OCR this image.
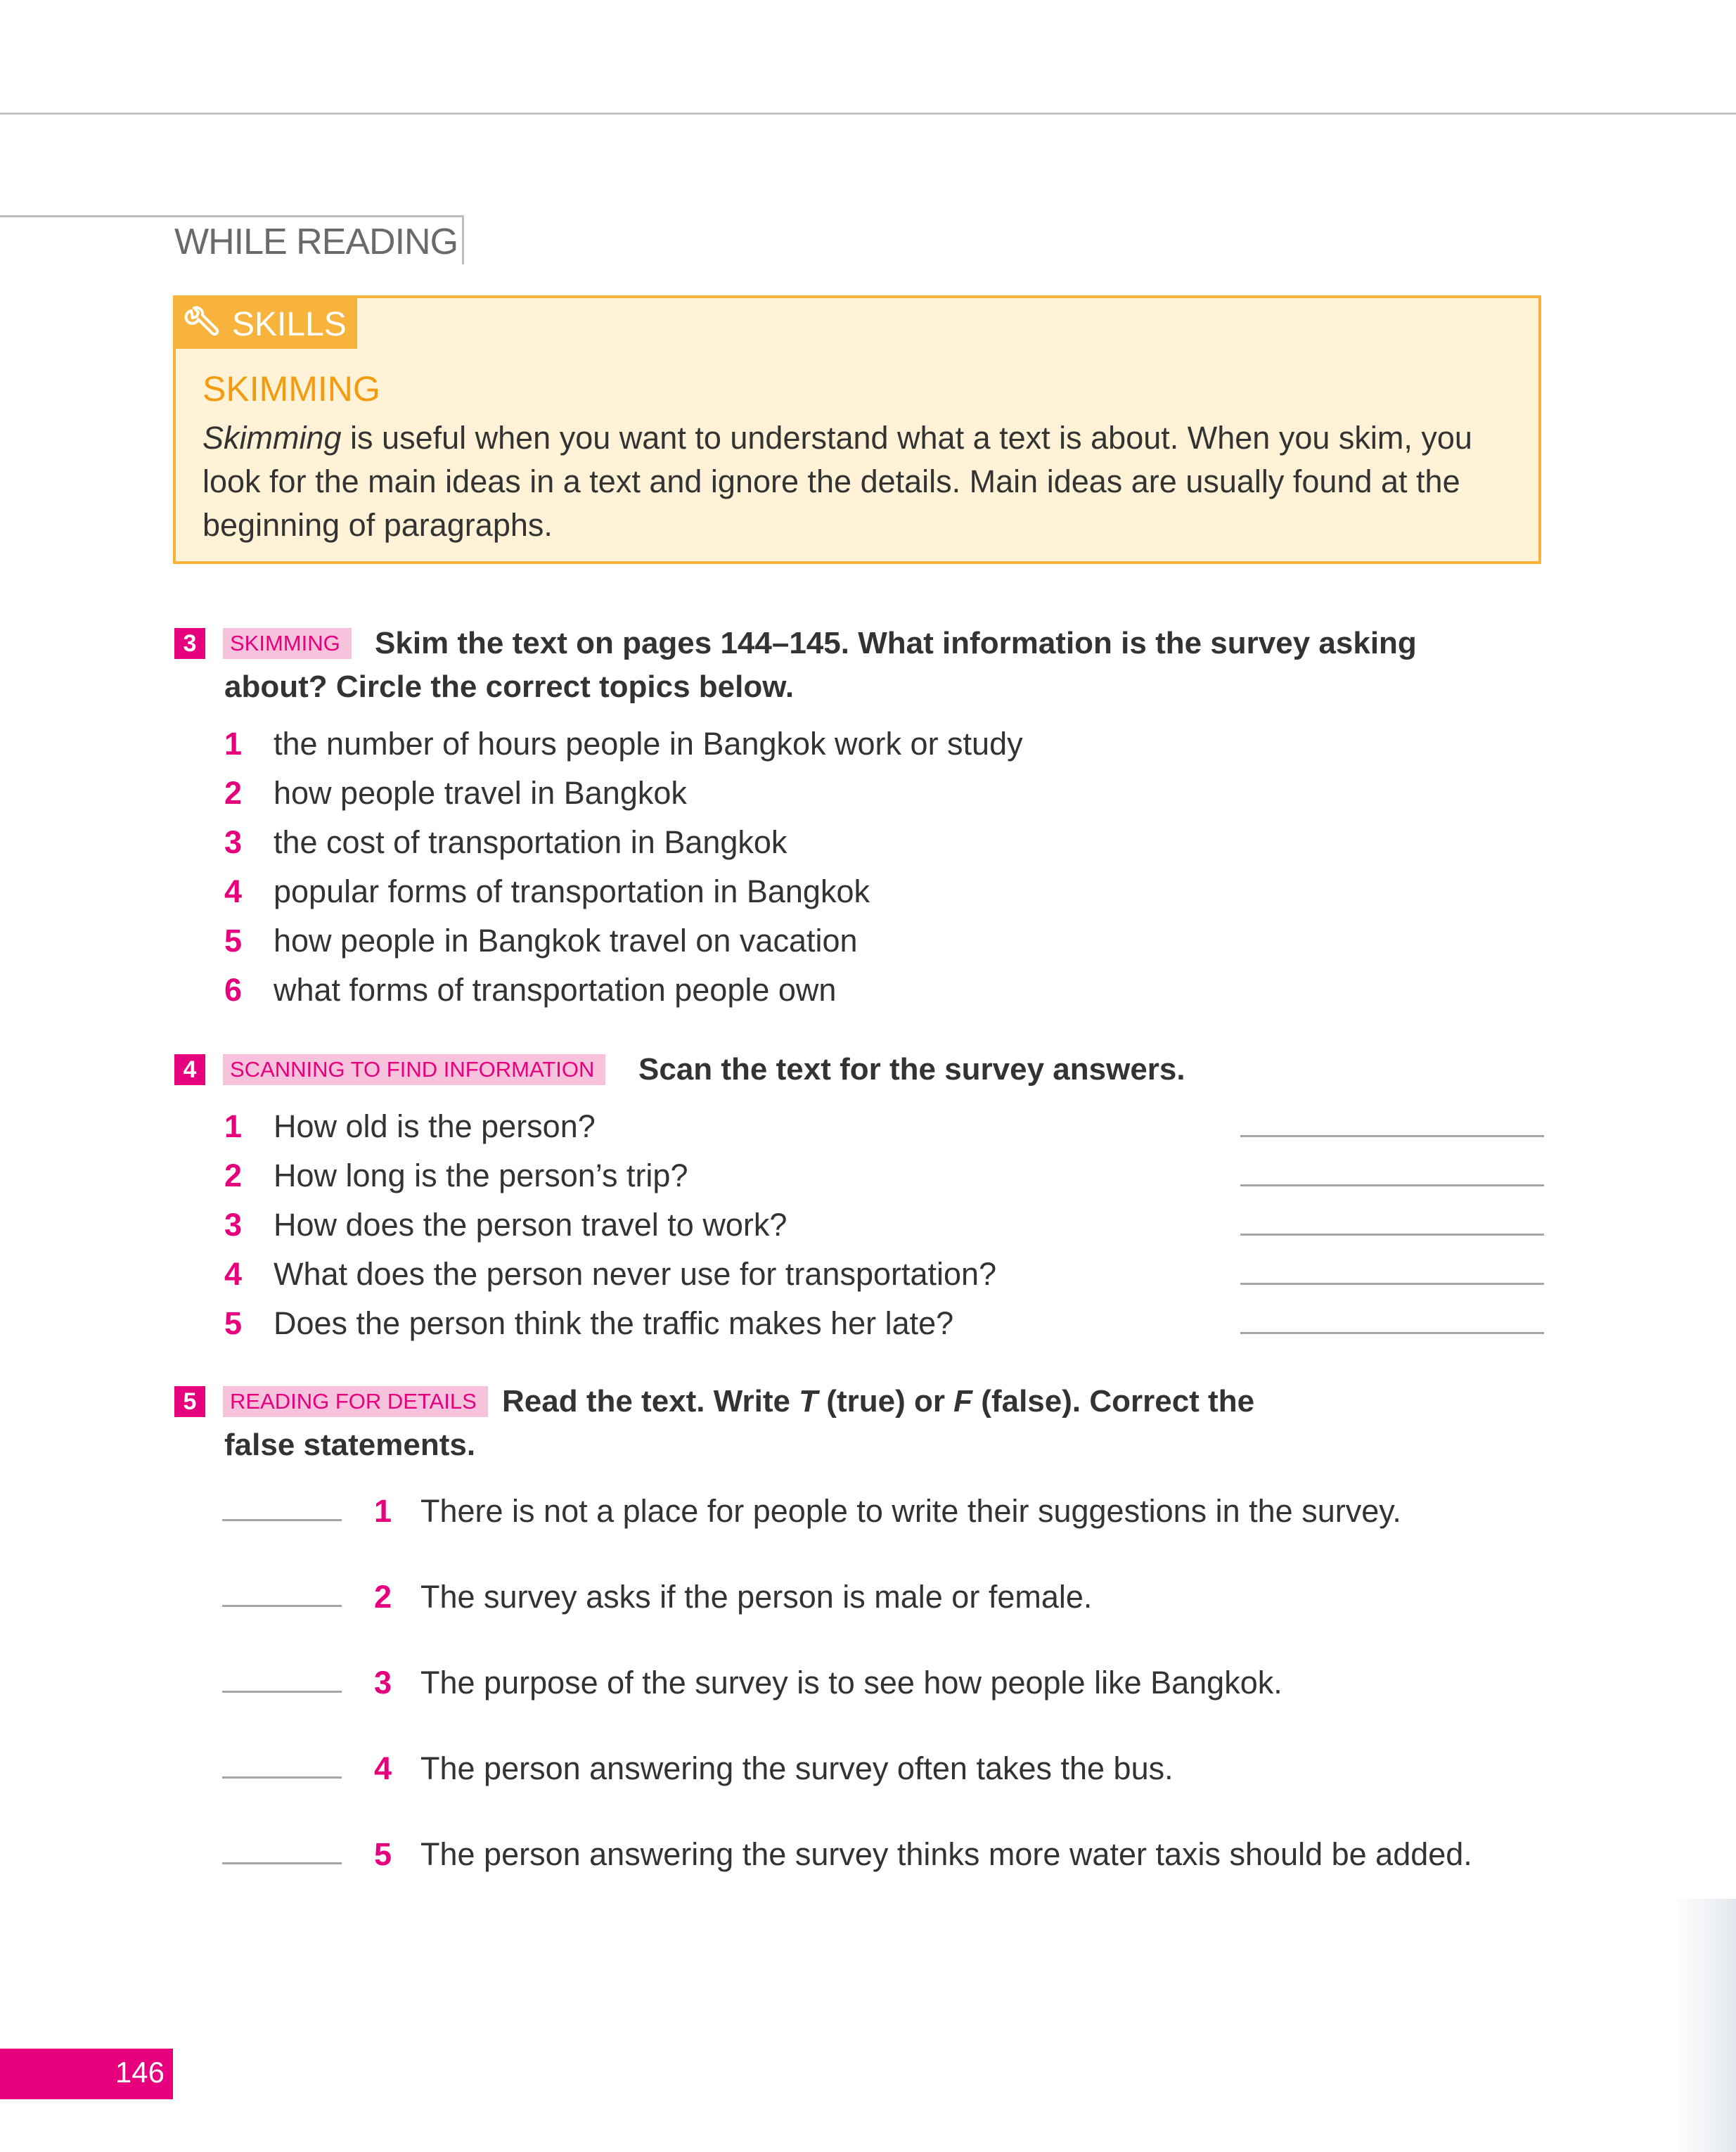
WHILE READING
SKILLS
SKIMMING
Skimming is useful when you want to understand what a text is about. When you skim, you look for the main ideas in a text and ignore the details. Main ideas are usually found at the beginning of paragraphs.
3	SKIMMING	Skim the text on pages 144–145. What information is the survey asking
about? Circle the correct topics below.
1 the number of hours people in Bangkok work or study
2 how people travel in Bangkok
3 the cost of transportation in Bangkok
4 popular forms of transportation in Bangkok
5 how people in Bangkok travel on vacation
6 what forms of transportation people own
4	SCANNING TO FIND INFORMATION	Scan the text for the survey answers.
1 How old is the person?
2 How long is the person’s trip?
3 How does the person travel to work?
4 What does the person never use for transportation?
5 Does the person think the traffic makes her late?
5	READING FOR DETAILS Read the text. Write T (true) or F (false). Correct the
false statements.
1 There is not a place for people to write their suggestions in the survey.
2 The survey asks if the person is male or female.
3 The purpose of the survey is to see how people like Bangkok.
4 The person answering the survey often takes the bus.
5 The person answering the survey thinks more water taxis should be added.
146
